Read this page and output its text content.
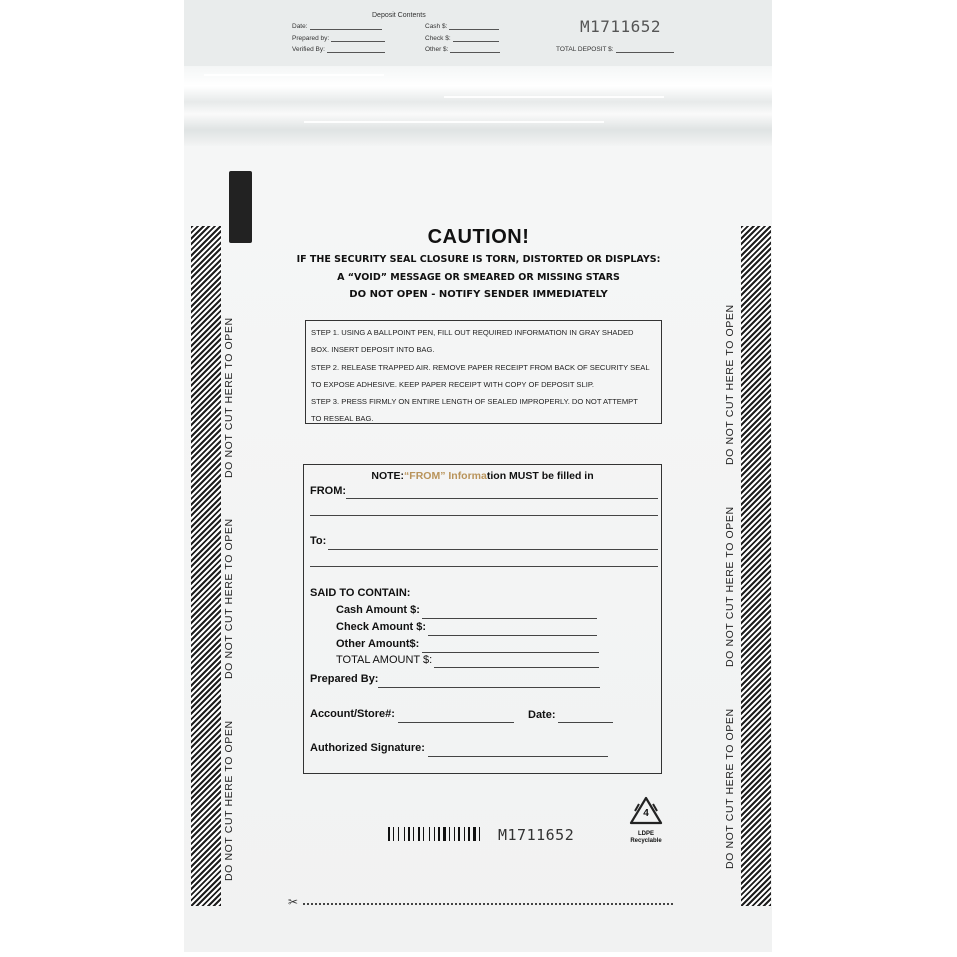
Deposit Contents
Date:
Prepared by:
Verified By:
Cash $:
Check $:
Other $:	TOTAL DEPOSIT $:
M1711652
DO NOT CUT HERE TO OPEN
DO NOT CUT HERE TO OPEN
DO NOT CUT HERE TO OPEN
DO NOT CUT HERE TO OPEN
DO NOT CUT HERE TO OPEN
DO NOT CUT HERE TO OPEN
CAUTION!
IF THE SECURITY SEAL CLOSURE IS TORN, DISTORTED OR DISPLAYS:
A “VOID” MESSAGE OR SMEARED OR MISSING STARS
DO NOT OPEN - NOTIFY SENDER IMMEDIATELY
STEP 1. USING A BALLPOINT PEN, FILL OUT REQUIRED INFORMATION IN GRAY SHADED
BOX. INSERT DEPOSIT INTO BAG.
STEP 2. RELEASE TRAPPED AIR. REMOVE PAPER RECEIPT FROM BACK OF SECURITY SEAL
TO EXPOSE ADHESIVE. KEEP PAPER RECEIPT WITH COPY OF DEPOSIT SLIP.
STEP 3. PRESS FIRMLY ON ENTIRE LENGTH OF SEALED IMPROPERLY. DO NOT ATTEMPT
TO RESEAL BAG.
NOTE:“FROM” Information MUST be filled in
FROM:
To:
SAID TO CONTAIN:
Cash Amount $:
Check Amount $:
Other Amount$:
TOTAL AMOUNT $:
Prepared By:
Account/Store#:	Date:
Authorized Signature:
4
LDPE
Recyclable
M1711652
✂
